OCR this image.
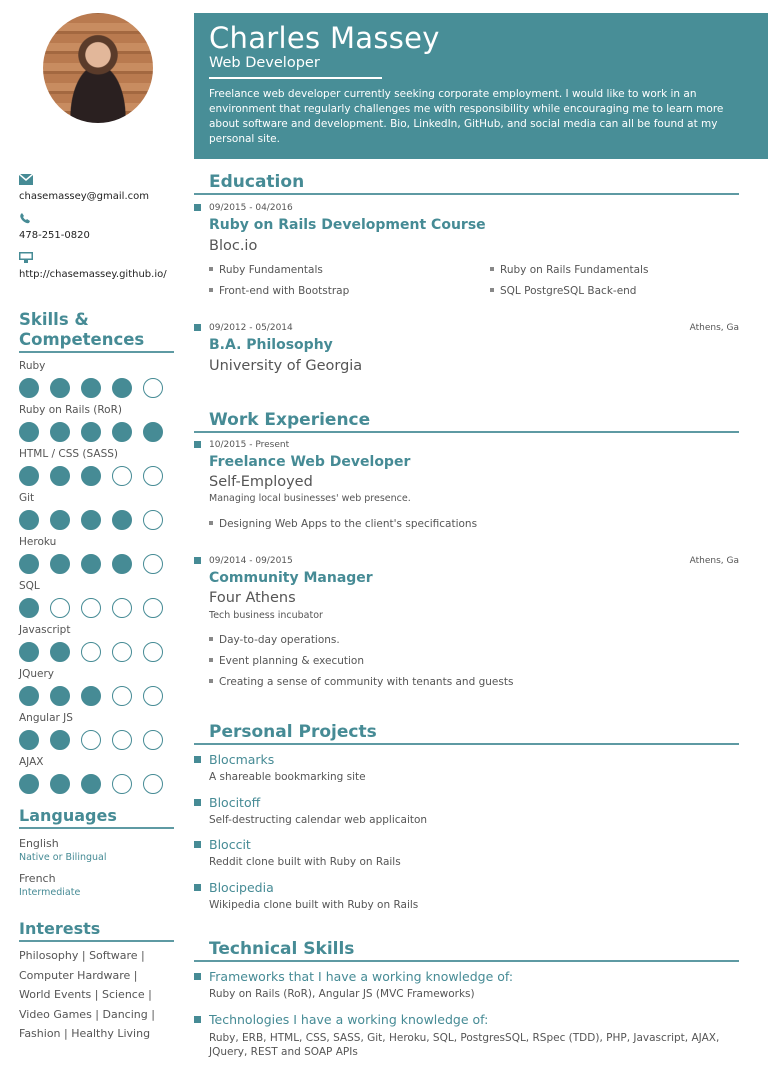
chasemassey@gmail.com
478-251-0820
http://chasemassey.github.io/
Skills &
Competences
Ruby
Ruby on Rails (RoR)
HTML / CSS (SASS)
Git
Heroku
SQL
Javascript
JQuery
Angular JS
AJAX
Languages
English
Native or Bilingual
French
Intermediate
Interests
Philosophy | Software |
Computer Hardware |
World Events | Science |
Video Games | Dancing |
Fashion | Healthy Living
Charles Massey
Web Developer
Freelance web developer currently seeking corporate employment. I would like to work in an environment that regularly challenges me with responsibility while encouraging me to learn more about software and development. Bio, LinkedIn, GitHub, and social media can all be found at my personal site.
Education
09/2015 - 04/2016
Ruby on Rails Development Course
Bloc.io
Ruby Fundamentals	Ruby on Rails Fundamentals
Front-end with Bootstrap	SQL PostgreSQL Back-end
09/2012 - 05/2014	Athens, Ga
B.A. Philosophy
University of Georgia
Work Experience
10/2015 - Present
Freelance Web Developer
Self-Employed
Managing local businesses' web presence.
Designing Web Apps to the client's specifications
09/2014 - 09/2015	Athens, Ga
Community Manager
Four Athens
Tech business incubator
Day-to-day operations.
Event planning & execution
Creating a sense of community with tenants and guests
Personal Projects
Blocmarks
A shareable bookmarking site
Blocitoff
Self-destructing calendar web applicaiton
Bloccit
Reddit clone built with Ruby on Rails
Blocipedia
Wikipedia clone built with Ruby on Rails
Technical Skills
Frameworks that I have a working knowledge of:
Ruby on Rails (RoR), Angular JS (MVC Frameworks)
Technologies I have a working knowledge of:
Ruby, ERB, HTML, CSS, SASS, Git, Heroku, SQL, PostgresSQL, RSpec (TDD), PHP, Javascript, AJAX, JQuery, REST and SOAP APIs
